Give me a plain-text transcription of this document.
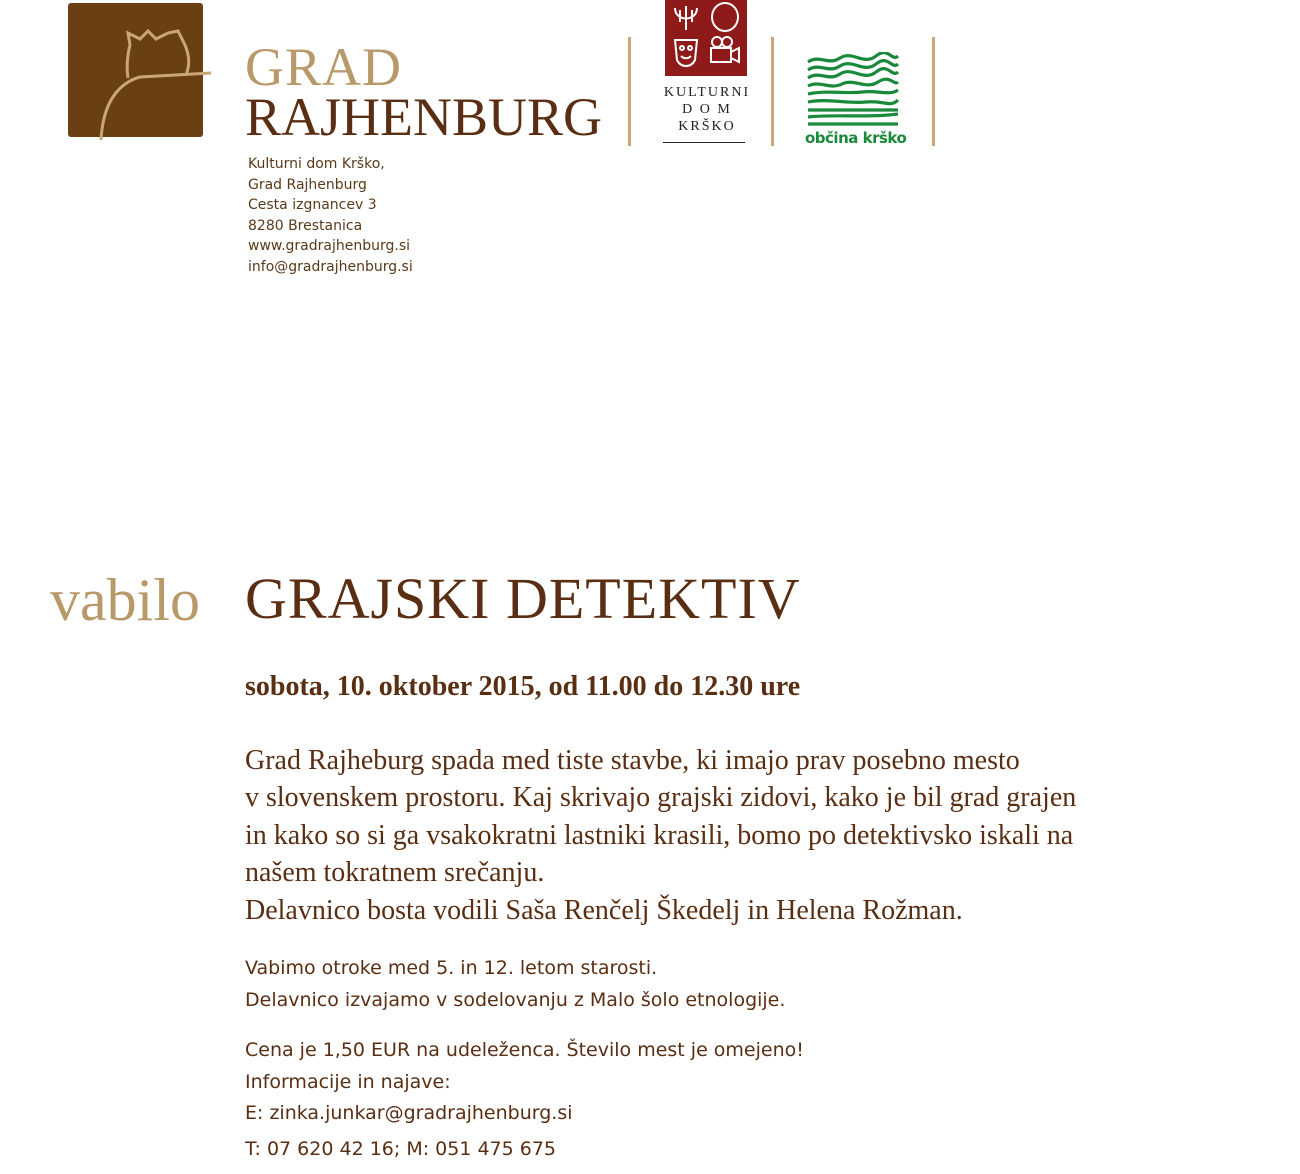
GRAD
RAJHENBURG
Kulturni dom Krško,
Grad Rajhenburg
Cesta izgnancev 3
8280 Brestanica
www.gradrajhenburg.si
info@gradrajhenburg.si
KULTURNI
D O M
KRŠKO
občina krško
vabilo GRAJSKI DETEKTIV
sobota, 10. oktober 2015, od 11.00 do 12.30 ure
Grad Rajheburg spada med tiste stavbe, ki imajo prav posebno mesto
v slovenskem prostoru. Kaj skrivajo grajski zidovi, kako je bil grad grajen
in kako so si ga vsakokratni lastniki krasili, bomo po detektivsko iskali na
našem tokratnem srečanju.
Delavnico bosta vodili Saša Renčelj Škedelj in Helena Rožman.
Vabimo otroke med 5. in 12. letom starosti.
Delavnico izvajamo v sodelovanju z Malo šolo etnologije.
Cena je 1,50 EUR na udeleženca. Število mest je omejeno!
Informacije in najave:
E: zinka.junkar@gradrajhenburg.si
T: 07 620 42 16; M: 051 475 675
